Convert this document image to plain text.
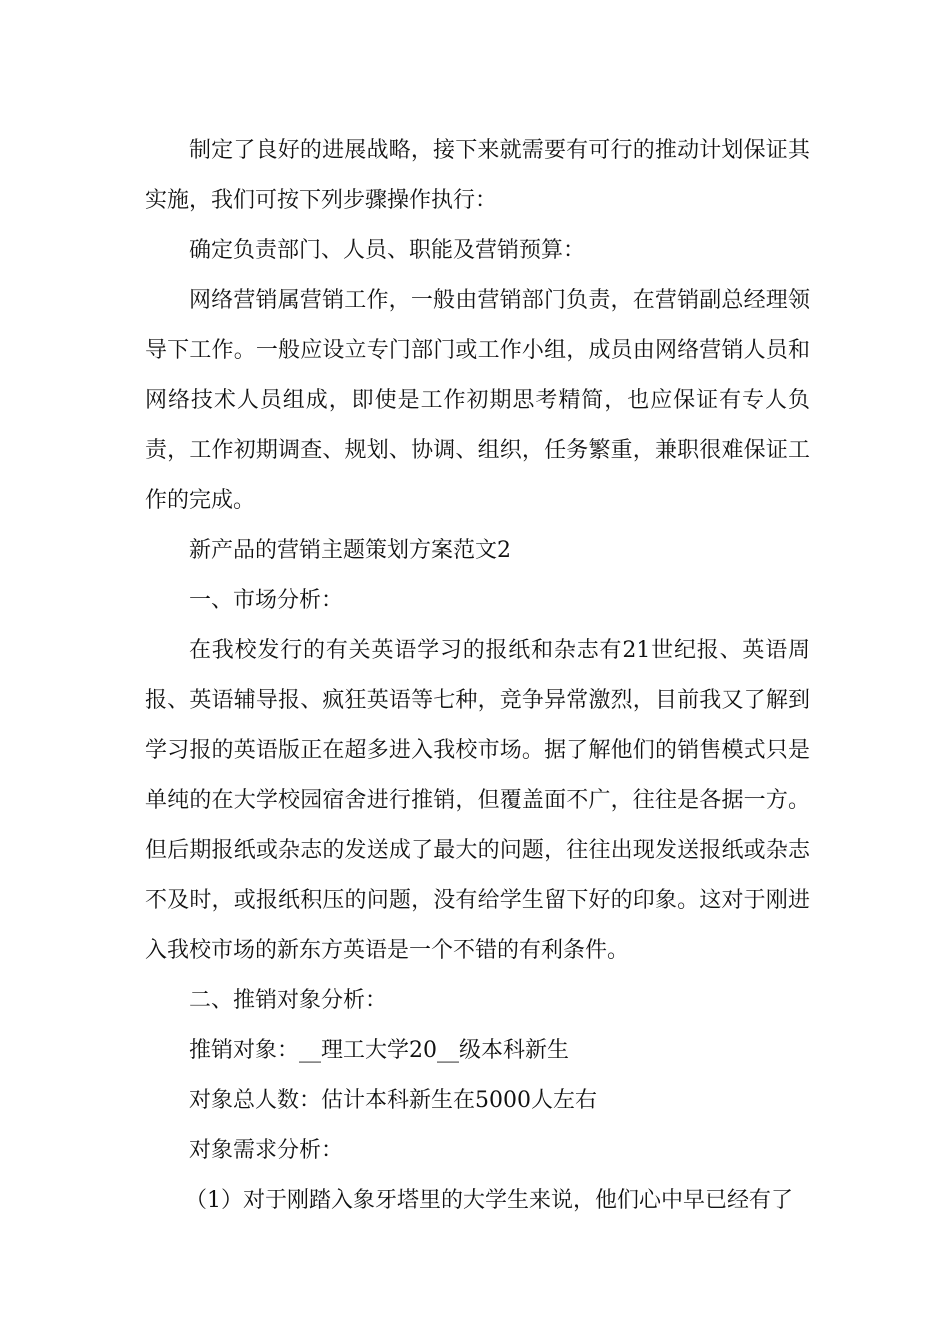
制定了良好的进展战略，接下来就需要有可行的推动计划保证其实施，我们可按下列步骤操作执行：

确定负责部门、人员、职能及营销预算：

网络营销属营销工作，一般由营销部门负责，在营销副总经理领导下工作。一般应设立专门部门或工作小组，成员由网络营销人员和网络技术人员组成，即使是工作初期思考精简，也应保证有专人负责，工作初期调查、规划、协调、组织，任务繁重，兼职很难保证工作的完成。

新产品的营销主题策划方案范文2

一、市场分析：

在我校发行的有关英语学习的报纸和杂志有21世纪报、英语周报、英语辅导报、疯狂英语等七种，竞争异常激烈，目前我又了解到学习报的英语版正在超多进入我校市场。据了解他们的销售模式只是单纯的在大学校园宿舍进行推销，但覆盖面不广，往往是各据一方。但后期报纸或杂志的发送成了最大的问题，往往出现发送报纸或杂志不及时，或报纸积压的问题，没有给学生留下好的印象。这对于刚进入我校市场的新东方英语是一个不错的有利条件。

二、推销对象分析：

推销对象：__理工大学20__级本科新生

对象总人数：估计本科新生在5000人左右

对象需求分析：

（1）对于刚踏入象牙塔里的大学生来说，他们心中早已经有了
